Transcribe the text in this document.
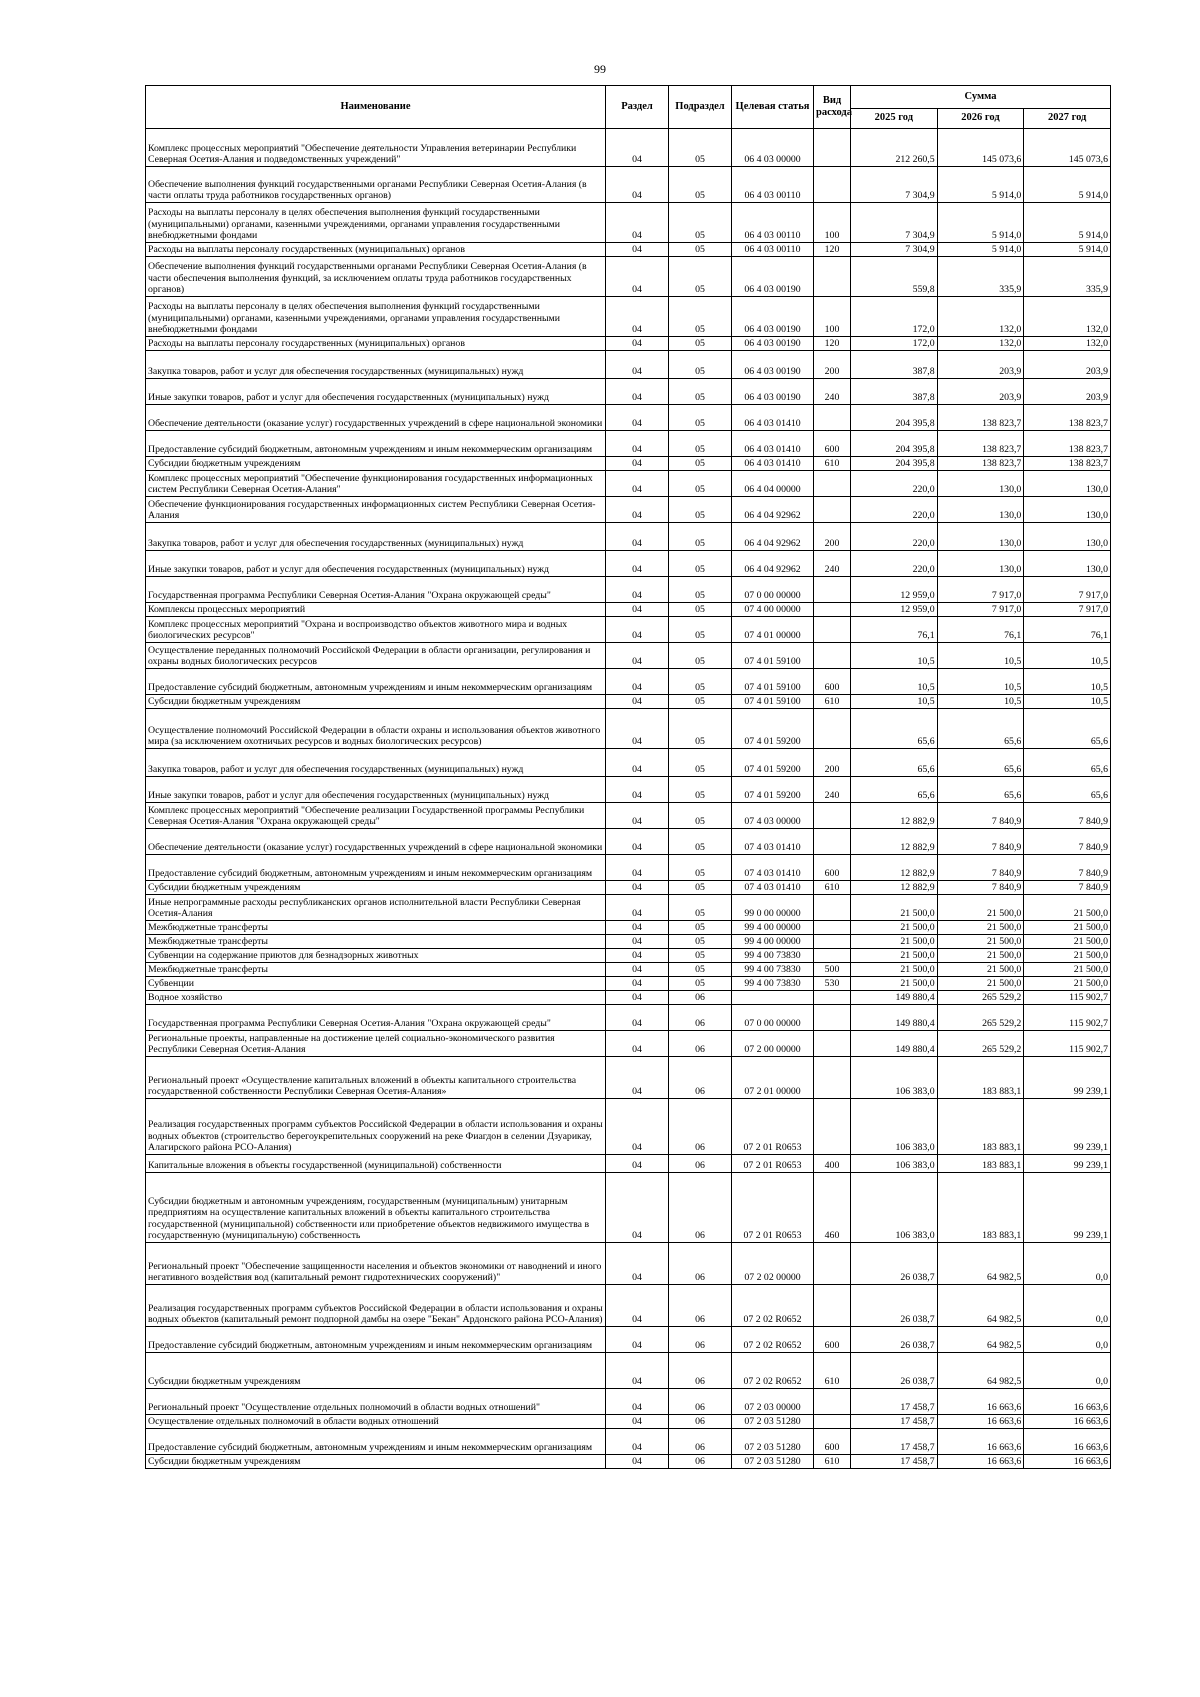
99
Наименование	Раздел	Подраздел	Целевая статья	Вид расхода	Сумма		
					2025 год	2026 год	2027 год
Комплекс процессных мероприятий "Обеспечение деятельности Управления ветеринарии Республики Северная Осетия-Алания и подведомственных учреждений"	04	05	06 4 03 00000		212 260,5	145 073,6	145 073,6
Обеспечение выполнения функций государственными органами Республики Северная Осетия-Алания (в части оплаты труда работников государственных органов)	04	05	06 4 03 00110		7 304,9	5 914,0	5 914,0
Расходы на выплаты персоналу в целях обеспечения выполнения функций государственными (муниципальными) органами, казенными учреждениями, органами управления государственными внебюджетными фондами	04	05	06 4 03 00110	100	7 304,9	5 914,0	5 914,0
Расходы на выплаты персоналу государственных (муниципальных) органов	04	05	06 4 03 00110	120	7 304,9	5 914,0	5 914,0
Обеспечение выполнения функций государственными органами Республики Северная Осетия-Алания (в части обеспечения выполнения функций, за исключением оплаты труда работников государственных органов)	04	05	06 4 03 00190		559,8	335,9	335,9
Расходы на выплаты персоналу в целях обеспечения выполнения функций государственными (муниципальными) органами, казенными учреждениями, органами управления государственными внебюджетными фондами	04	05	06 4 03 00190	100	172,0	132,0	132,0
Расходы на выплаты персоналу государственных (муниципальных) органов	04	05	06 4 03 00190	120	172,0	132,0	132,0
Закупка товаров, работ и услуг для обеспечения государственных (муниципальных) нужд	04	05	06 4 03 00190	200	387,8	203,9	203,9
Иные закупки товаров, работ и услуг для обеспечения государственных (муниципальных) нужд	04	05	06 4 03 00190	240	387,8	203,9	203,9
Обеспечение деятельности (оказание услуг) государственных учреждений в сфере национальной экономики	04	05	06 4 03 01410		204 395,8	138 823,7	138 823,7
Предоставление субсидий бюджетным, автономным учреждениям и иным некоммерческим организациям	04	05	06 4 03 01410	600	204 395,8	138 823,7	138 823,7
Субсидии бюджетным учреждениям	04	05	06 4 03 01410	610	204 395,8	138 823,7	138 823,7
Комплекс процессных мероприятий "Обеспечение функционирования государственных информационных систем Республики Северная Осетия-Алания"	04	05	06 4 04 00000		220,0	130,0	130,0
Обеспечение функционирования государственных информационных систем Республики Северная Осетия-Алания	04	05	06 4 04 92962		220,0	130,0	130,0
Закупка товаров, работ и услуг для обеспечения государственных (муниципальных) нужд	04	05	06 4 04 92962	200	220,0	130,0	130,0
Иные закупки товаров, работ и услуг для обеспечения государственных (муниципальных) нужд	04	05	06 4 04 92962	240	220,0	130,0	130,0
Государственная программа Республики Северная Осетия-Алания "Охрана окружающей среды"	04	05	07 0 00 00000		12 959,0	7 917,0	7 917,0
Комплексы процессных мероприятий	04	05	07 4 00 00000		12 959,0	7 917,0	7 917,0
Комплекс процессных мероприятий "Охрана и воспроизводство объектов животного мира и водных биологических ресурсов"	04	05	07 4 01 00000		76,1	76,1	76,1
Осуществление переданных полномочий Российской Федерации в области организации, регулирования и охраны водных биологических ресурсов	04	05	07 4 01 59100		10,5	10,5	10,5
Предоставление субсидий бюджетным, автономным учреждениям и иным некоммерческим организациям	04	05	07 4 01 59100	600	10,5	10,5	10,5
Субсидии бюджетным учреждениям	04	05	07 4 01 59100	610	10,5	10,5	10,5
Осуществление полномочий Российской Федерации в области охраны и использования объектов животного мира (за исключением охотничьих ресурсов и водных биологических ресурсов)	04	05	07 4 01 59200		65,6	65,6	65,6
Закупка товаров, работ и услуг для обеспечения государственных (муниципальных) нужд	04	05	07 4 01 59200	200	65,6	65,6	65,6
Иные закупки товаров, работ и услуг для обеспечения государственных (муниципальных) нужд	04	05	07 4 01 59200	240	65,6	65,6	65,6
Комплекс процессных мероприятий "Обеспечение реализации Государственной программы Республики Северная Осетия-Алания "Охрана окружающей среды"	04	05	07 4 03 00000		12 882,9	7 840,9	7 840,9
Обеспечение деятельности (оказание услуг) государственных учреждений в сфере национальной экономики	04	05	07 4 03 01410		12 882,9	7 840,9	7 840,9
Предоставление субсидий бюджетным, автономным учреждениям и иным некоммерческим организациям	04	05	07 4 03 01410	600	12 882,9	7 840,9	7 840,9
Субсидии бюджетным учреждениям	04	05	07 4 03 01410	610	12 882,9	7 840,9	7 840,9
Иные непрограммные расходы республиканских органов исполнительной власти Республики Северная Осетия-Алания	04	05	99 0 00 00000		21 500,0	21 500,0	21 500,0
Межбюджетные трансферты	04	05	99 4 00 00000		21 500,0	21 500,0	21 500,0
Межбюджетные трансферты	04	05	99 4 00 00000		21 500,0	21 500,0	21 500,0
Субвенции на содержание приютов для безнадзорных животных	04	05	99 4 00 73830		21 500,0	21 500,0	21 500,0
Межбюджетные трансферты	04	05	99 4 00 73830	500	21 500,0	21 500,0	21 500,0
Субвенции	04	05	99 4 00 73830	530	21 500,0	21 500,0	21 500,0
Водное хозяйство	04	06			149 880,4	265 529,2	115 902,7
Государственная программа Республики Северная Осетия-Алания "Охрана окружающей среды"	04	06	07 0 00 00000		149 880,4	265 529,2	115 902,7
Региональные проекты, направленные на достижение целей социально-экономического развития Республики Северная Осетия-Алания	04	06	07 2 00 00000		149 880,4	265 529,2	115 902,7
Региональный проект «Осуществление капитальных вложений в объекты капитального строительства государственной собственности Республики Северная Осетия-Алания»	04	06	07 2 01 00000		106 383,0	183 883,1	99 239,1
Реализация государственных программ субъектов Российской Федерации в области использования и охраны водных объектов (строительство берегоукрепительных сооружений на реке Фиагдон в селении Дзуарикау, Алагирского района РСО-Алания)	04	06	07 2 01 R0653		106 383,0	183 883,1	99 239,1
Капитальные вложения в объекты государственной (муниципальной) собственности	04	06	07 2 01 R0653	400	106 383,0	183 883,1	99 239,1
Субсидии бюджетным и автономным учреждениям, государственным (муниципальным) унитарным предприятиям на осуществление капитальных вложений в объекты капитального строительства государственной (муниципальной) собственности или приобретение объектов недвижимого имущества в государственную (муниципальную) собственность	04	06	07 2 01 R0653	460	106 383,0	183 883,1	99 239,1
Региональный проект "Обеспечение защищенности населения и объектов экономики от наводнений и иного негативного воздействия вод (капитальный ремонт гидротехнических сооружений)"	04	06	07 2 02 00000		26 038,7	64 982,5	0,0
Реализация государственных программ субъектов Российской Федерации в области использования и охраны водных объектов (капитальный ремонт подпорной дамбы на озере "Бекан" Ардонского района РСО-Алания)	04	06	07 2 02 R0652		26 038,7	64 982,5	0,0
Предоставление субсидий бюджетным, автономным учреждениям и иным некоммерческим организациям	04	06	07 2 02 R0652	600	26 038,7	64 982,5	0,0
Субсидии бюджетным учреждениям	04	06	07 2 02 R0652	610	26 038,7	64 982,5	0,0
Региональный проект "Осуществление отдельных полномочий в области водных отношений"	04	06	07 2 03 00000		17 458,7	16 663,6	16 663,6
Осуществление отдельных полномочий в области водных отношений	04	06	07 2 03 51280		17 458,7	16 663,6	16 663,6
Предоставление субсидий бюджетным, автономным учреждениям и иным некоммерческим организациям	04	06	07 2 03 51280	600	17 458,7	16 663,6	16 663,6
Субсидии бюджетным учреждениям	04	06	07 2 03 51280	610	17 458,7	16 663,6	16 663,6
